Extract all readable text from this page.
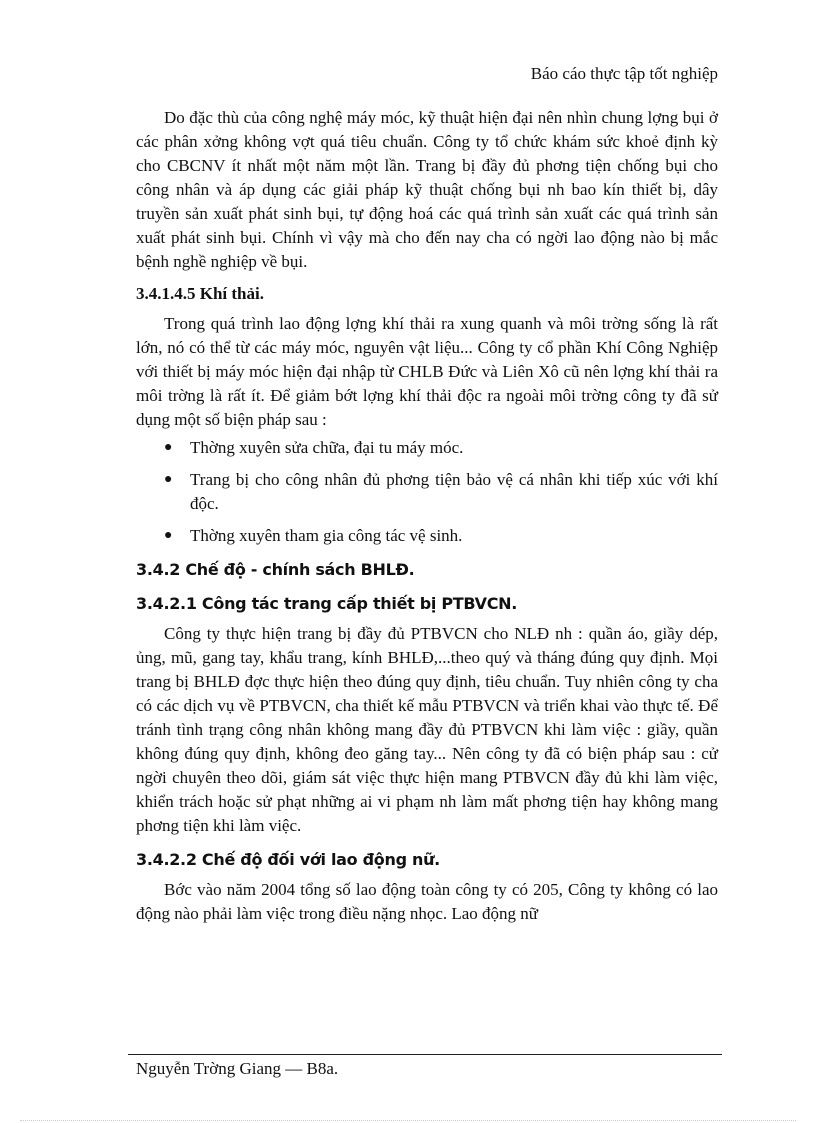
Báo cáo thực tập tốt nghiệp

Do đặc thù của công nghệ máy móc, kỹ thuật hiện đại nên nhìn chung lợng bụi ở các phân xởng không vợt quá tiêu chuẩn. Công ty tổ chức khám sức khoẻ định kỳ cho CBCNV ít nhất một năm một lần. Trang bị đầy đủ phơng tiện chống bụi cho công nhân và áp dụng các giải pháp kỹ thuật chống bụi nh bao kín thiết bị, dây truyền sản xuất phát sinh bụi, tự động hoá các quá trình sản xuất các quá trình sản xuất phát sinh bụi. Chính vì vậy mà cho đến nay cha có ngời lao động nào bị mắc bệnh nghề nghiệp về bụi.

3.4.1.4.5 Khí thải.

Trong quá trình lao động lợng khí thải ra xung quanh và môi trờng sống là rất lớn, nó có thể từ các máy móc, nguyên vật liệu... Công ty cổ phần Khí Công Nghiệp với thiết bị máy móc hiện đại nhập từ CHLB Đức và Liên Xô cũ nên lợng khí thải ra môi trờng là rất ít. Để giảm bớt lợng khí thải độc ra ngoài môi trờng công ty đã sử dụng một số biện pháp sau :

● Thờng xuyên sửa chữa, đại tu máy móc.
● Trang bị cho công nhân đủ phơng tiện bảo vệ cá nhân khi tiếp xúc với khí độc.
● Thờng xuyên tham gia công tác vệ sinh.
3.4.2 Chế độ - chính sách BHLĐ.
3.4.2.1 Công tác trang cấp thiết bị PTBVCN.

Công ty thực hiện trang bị đầy đủ PTBVCN cho NLĐ nh : quần áo, giầy dép, ủng, mũ, gang tay, khẩu trang, kính BHLĐ,...theo quý và tháng đúng quy định. Mọi trang bị BHLĐ đợc thực hiện theo đúng quy định, tiêu chuẩn. Tuy nhiên công ty cha có các dịch vụ về PTBVCN, cha thiết kế mẫu PTBVCN và triển khai vào thực tế. Để tránh tình trạng công nhân không mang đầy đủ PTBVCN khi làm việc : giầy, quần không đúng quy định, không đeo găng tay... Nên công ty đã có biện pháp sau : cử ngời chuyên theo dõi, giám sát việc thực hiện mang PTBVCN đầy đủ khi làm việc, khiển trách hoặc sử phạt những ai vi phạm nh làm mất phơng tiện hay không mang phơng tiện khi làm việc.

3.4.2.2 Chế độ đối với lao động nữ.

Bớc vào năm 2004 tổng số lao động toàn công ty có 205, Công ty không có lao động nào phải làm việc trong điều nặng nhọc. Lao động nữ

Nguyễn Trờng Giang — B8a.
